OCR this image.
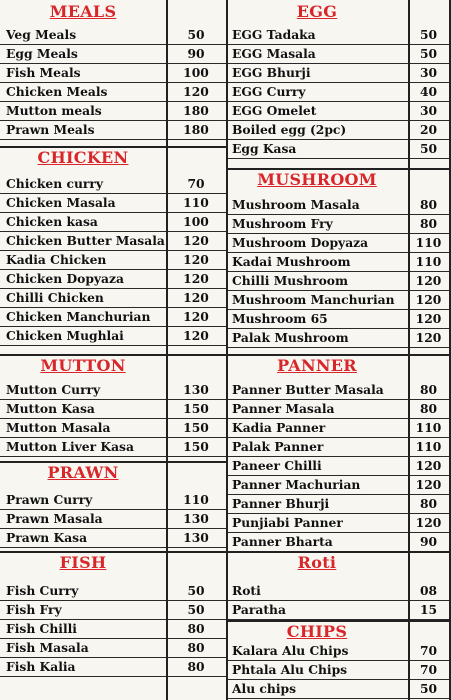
MEALS
Veg Meals	50
Egg Meals	90
Fish Meals	100
Chicken Meals	120
Mutton meals	180
Prawn Meals	180
CHICKEN
Chicken curry	70
Chicken Masala	110
Chicken kasa	100
Chicken Butter Masala	120
Kadia Chicken	120
Chicken Dopyaza	120
Chilli Chicken	120
Chicken Manchurian	120
Chicken Mughlai	120
MUTTON
Mutton Curry	130
Mutton Kasa	150
Mutton Masala	150
Mutton Liver Kasa	150
PRAWN
Prawn Curry	110
Prawn Masala	130
Prawn Kasa	130
FISH
Fish Curry	50
Fish Fry	50
Fish Chilli	80
Fish Masala	80
Fish Kalia	80
EGG
EGG Tadaka	50
EGG Masala	50
EGG Bhurji	30
EGG Curry	40
EGG Omelet	30
Boiled egg (2pc)	20
Egg Kasa	50
MUSHROOM
Mushroom Masala	80
Mushroom Fry	80
Mushroom Dopyaza	110
Kadai Mushroom	110
Chilli Mushroom	120
Mushroom Manchurian	120
Mushroom 65	120
Palak Mushroom	120
PANNER
Panner Butter Masala	80
Panner Masala	80
Kadia Panner	110
Palak Panner	110
Paneer Chilli	120
Panner Machurian	120
Panner Bhurji	80
Punjiabi Panner	120
Panner Bharta	90
Roti
Roti	08
Paratha	15
CHIPS
Kalara Alu Chips	70
Phtala Alu Chips	70
Alu chips	50
